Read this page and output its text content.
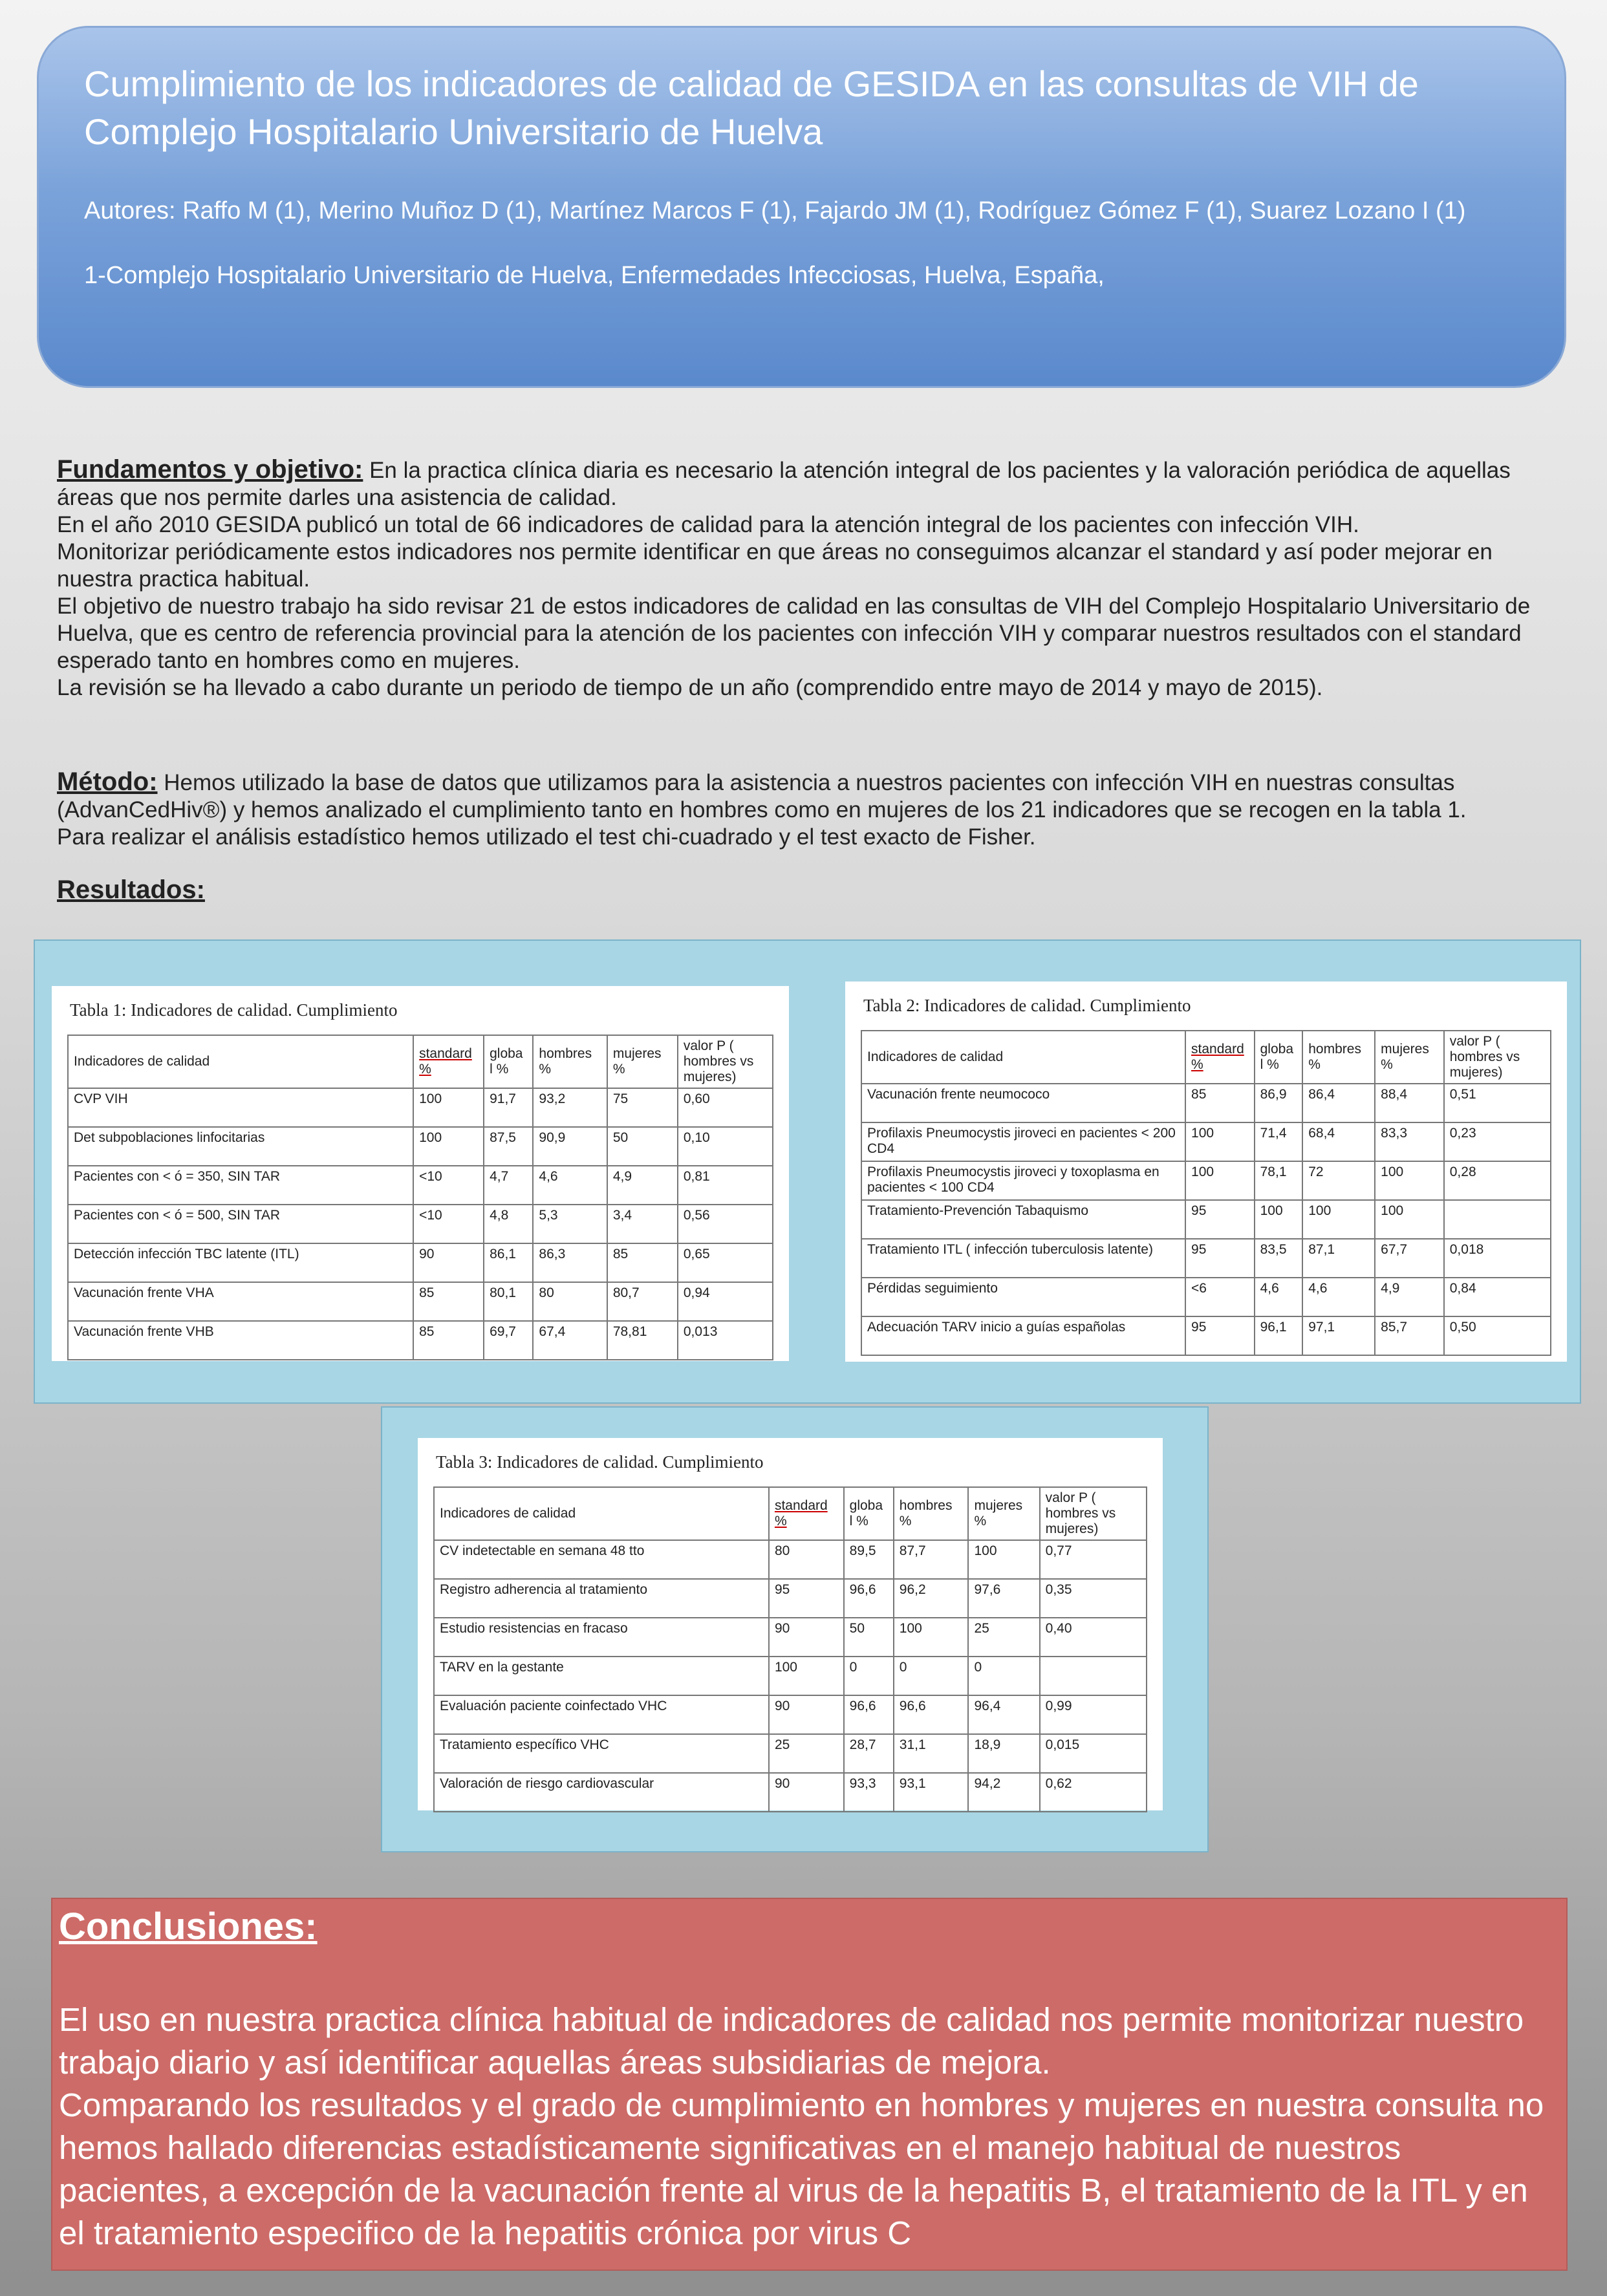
Cumplimiento de los indicadores de calidad de GESIDA en las consultas de VIH de Complejo Hospitalario Universitario de Huelva
Autores: Raffo M (1), Merino Muñoz D (1), Martínez Marcos F (1), Fajardo JM (1), Rodríguez Gómez F (1), Suarez Lozano I (1)
1-Complejo Hospitalario Universitario de Huelva, Enfermedades Infecciosas, Huelva, España,

Fundamentos y objetivo: En la practica clínica diaria es necesario la atención integral de los pacientes y la valoración periódica de aquellas áreas que nos permite darles una asistencia de calidad.

En el año 2010 GESIDA publicó un total de 66 indicadores de calidad para la atención integral de los pacientes con infección VIH.

Monitorizar periódicamente estos indicadores nos permite identificar en que áreas no conseguimos alcanzar el standard y así poder mejorar en nuestra practica habitual.

El objetivo de nuestro trabajo ha sido revisar 21 de estos indicadores de calidad en las consultas de VIH del Complejo Hospitalario Universitario de Huelva, que es centro de referencia provincial para la atención de los pacientes con infección VIH y comparar nuestros resultados con el standard esperado tanto en hombres como en mujeres.

La revisión se ha llevado a cabo durante un periodo de tiempo de un año (comprendido entre mayo de 2014 y mayo de 2015).

Método: Hemos utilizado la base de datos que utilizamos para la asistencia a nuestros pacientes con infección VIH en nuestras consultas (AdvanCedHiv®) y hemos analizado el cumplimiento tanto en hombres como en mujeres de los 21 indicadores que se recogen en la tabla 1.

Para realizar el análisis estadístico hemos utilizado el test chi-cuadrado y el test exacto de Fisher.

Resultados:
Tabla 1: Indicadores de calidad. Cumplimiento
Indicadores de calidad	standard %	globa l %	hombres %	mujeres %	valor P ( hombres vs mujeres)
CVP VIH	100	91,7	93,2	75	0,60
Det subpoblaciones linfocitarias	100	87,5	90,9	50	0,10
Pacientes con < ó = 350, SIN TAR	<10	4,7	4,6	4,9	0,81
Pacientes con < ó = 500, SIN TAR	<10	4,8	5,3	3,4	0,56
Detección infección TBC latente (ITL)	90	86,1	86,3	85	0,65
Vacunación frente VHA	85	80,1	80	80,7	0,94
Vacunación frente VHB	85	69,7	67,4	78,81	0,013
Tabla 2: Indicadores de calidad. Cumplimiento
Indicadores de calidad	standard %	globa l %	hombres %	mujeres %	valor P ( hombres vs mujeres)
Vacunación frente neumococo	85	86,9	86,4	88,4	0,51
Profilaxis Pneumocystis jiroveci en pacientes < 200 CD4	100	71,4	68,4	83,3	0,23
Profilaxis Pneumocystis jiroveci y toxoplasma en pacientes < 100 CD4	100	78,1	72	100	0,28
Tratamiento-Prevención Tabaquismo	95	100	100	100	
Tratamiento ITL ( infección tuberculosis latente)	95	83,5	87,1	67,7	0,018
Pérdidas seguimiento	<6	4,6	4,6	4,9	0,84
Adecuación TARV inicio a guías españolas	95	96,1	97,1	85,7	0,50
Tabla 3: Indicadores de calidad. Cumplimiento
Indicadores de calidad	standard %	globa l %	hombres %	mujeres %	valor P ( hombres vs mujeres)
CV indetectable en semana 48 tto	80	89,5	87,7	100	0,77
Registro adherencia al tratamiento	95	96,6	96,2	97,6	0,35
Estudio resistencias en fracaso	90	50	100	25	0,40
TARV en la gestante	100	0	0	0	
Evaluación paciente coinfectado VHC	90	96,6	96,6	96,4	0,99
Tratamiento específico VHC	25	28,7	31,1	18,9	0,015
Valoración de riesgo cardiovascular	90	93,3	93,1	94,2	0,62

Conclusiones:

El uso en nuestra practica clínica habitual de indicadores de calidad nos permite monitorizar nuestro trabajo diario y así identificar aquellas áreas subsidiarias de mejora.

Comparando los resultados y el grado de cumplimiento en hombres y mujeres en nuestra consulta no hemos hallado diferencias estadísticamente significativas en el manejo habitual de nuestros pacientes, a excepción de la vacunación frente al virus de la hepatitis B, el tratamiento de la ITL y en el tratamiento especifico de la hepatitis crónica por virus C
